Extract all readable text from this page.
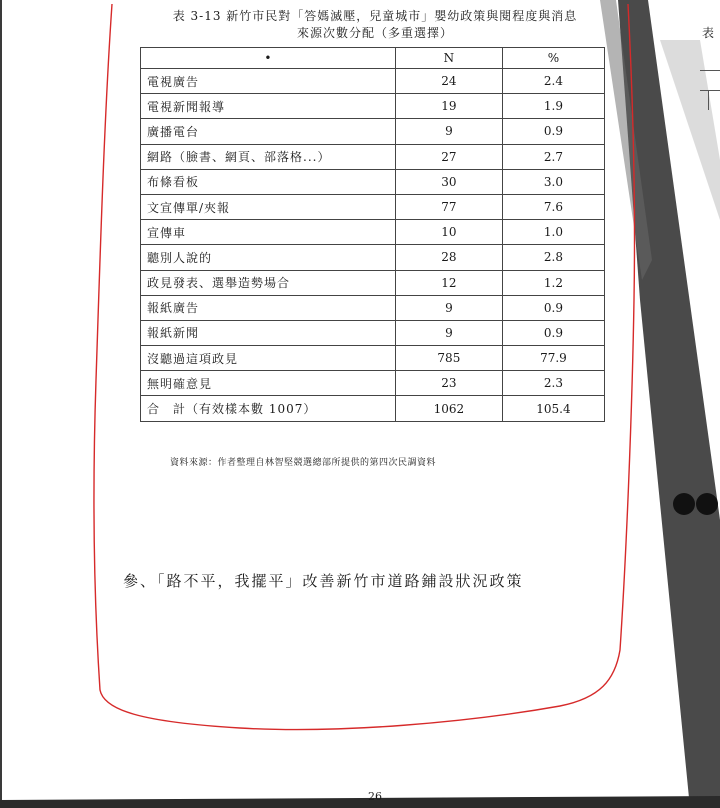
表
表 3-13 新竹市民對「答媽滅壓，兒童城市」嬰幼政策與閱程度與消息
來源次數分配（多重選擇）
•	N	%
電視廣告	24	2.4
電視新聞報導	19	1.9
廣播電台	9	0.9
網路（臉書、網頁、部落格...）	27	2.7
布條看板	30	3.0
文宣傳單/夾報	77	7.6
宣傳車	10	1.0
聽別人說的	28	2.8
政見發表、選舉造勢場合	12	1.2
報紙廣告	9	0.9
報紙新聞	9	0.9
沒聽過這項政見	785	77.9
無明確意見	23	2.3
合　計（有效樣本數 1007）	1062	105.4
資料來源：作者整理自林智堅競選總部所提供的第四次民調資料
參、「路不平，我擺平」改善新竹市道路鋪設狀況政策
26
